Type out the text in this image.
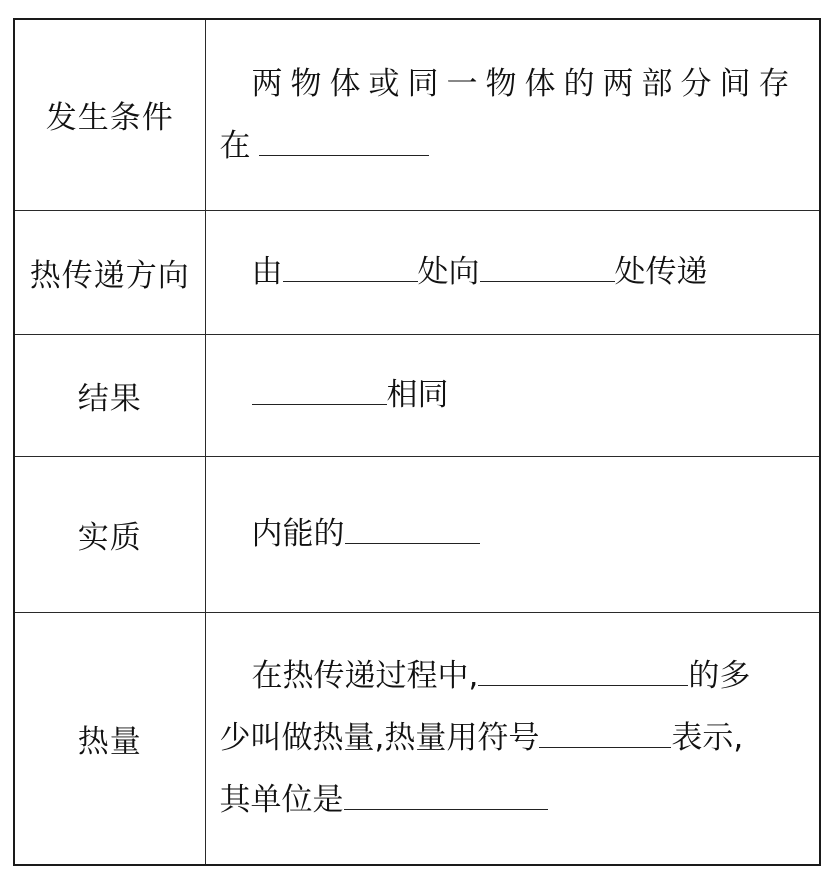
发生条件	两物体或同一物体的两部分间存
在

热传递方向	由 处向 处传递
结果	相同
实质	内能的
热量	在热传递过程中, 的多
少叫做热量,热量用符号 表示,
其单位是
